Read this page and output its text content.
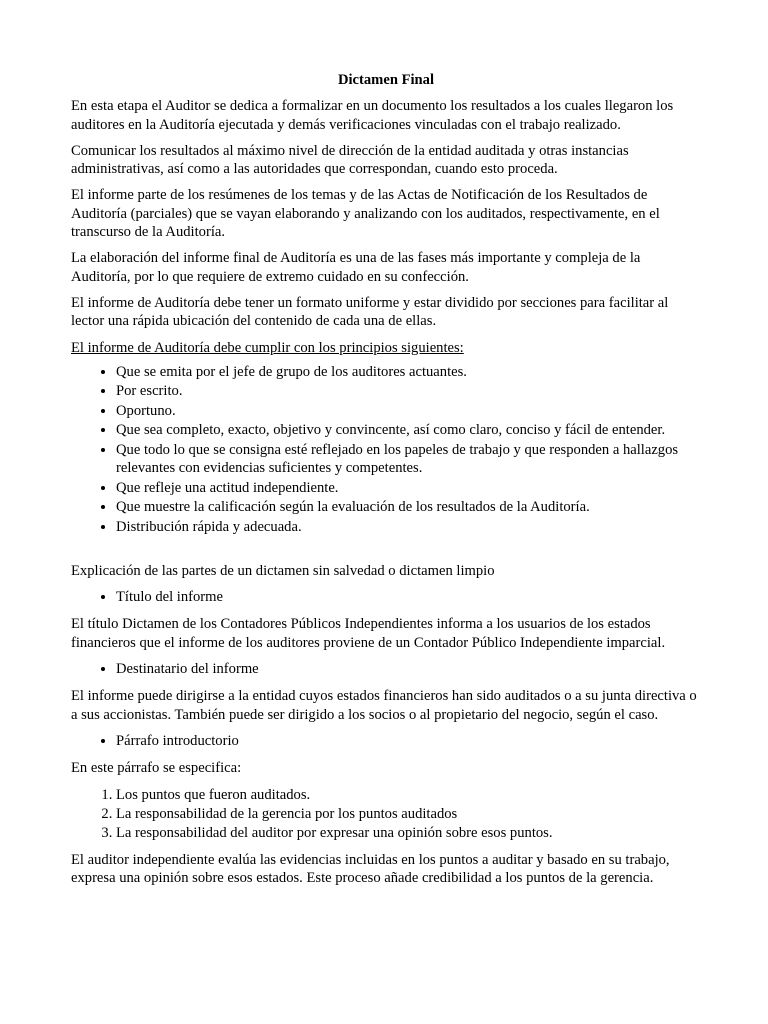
Dictamen Final

En esta etapa el Auditor se dedica a formalizar en un documento los resultados a los cuales llegaron los auditores en la Auditoría ejecutada y demás verificaciones vinculadas con el trabajo realizado.

Comunicar los resultados al máximo nivel de dirección de la entidad auditada y otras instancias administrativas, así como a las autoridades que correspondan, cuando esto proceda.

El informe parte de los resúmenes de los temas y de las Actas de Notificación de los Resultados de Auditoría (parciales) que se vayan elaborando y analizando con los auditados, respectivamente, en el transcurso de la Auditoría.

La elaboración del informe final de Auditoría es una de las fases más importante y compleja de la Auditoría, por lo que requiere de extremo cuidado en su confección.

El informe de Auditoría debe tener un formato uniforme y estar dividido por secciones para facilitar al lector una rápida ubicación del contenido de cada una de ellas.

El informe de Auditoría debe cumplir con los principios siguientes:

• Que se emita por el jefe de grupo de los auditores actuantes.
• Por escrito.
• Oportuno.
• Que sea completo, exacto, objetivo y convincente, así como claro, conciso y fácil de entender.
• Que todo lo que se consigna esté reflejado en los papeles de trabajo y que responden a hallazgos relevantes con evidencias suficientes y competentes.
• Que refleje una actitud independiente.
• Que muestre la calificación según la evaluación de los resultados de la Auditoría.
• Distribución rápida y adecuada.

Explicación de las partes de un dictamen sin salvedad o dictamen limpio

• Título del informe

El título Dictamen de los Contadores Públicos Independientes informa a los usuarios de los estados financieros que el informe de los auditores proviene de un Contador Público Independiente imparcial.

• Destinatario del informe

El informe puede dirigirse a la entidad cuyos estados financieros han sido auditados o a su junta directiva o a sus accionistas. También puede ser dirigido a los socios o al propietario del negocio, según el caso.

• Párrafo introductorio

En este párrafo se especifica:

1. Los puntos que fueron auditados.
2. La responsabilidad de la gerencia por los puntos auditados
3. La responsabilidad del auditor por expresar una opinión sobre esos puntos.

El auditor independiente evalúa las evidencias incluidas en los puntos a auditar y basado en su trabajo, expresa una opinión sobre esos estados. Este proceso añade credibilidad a los puntos de la gerencia.
